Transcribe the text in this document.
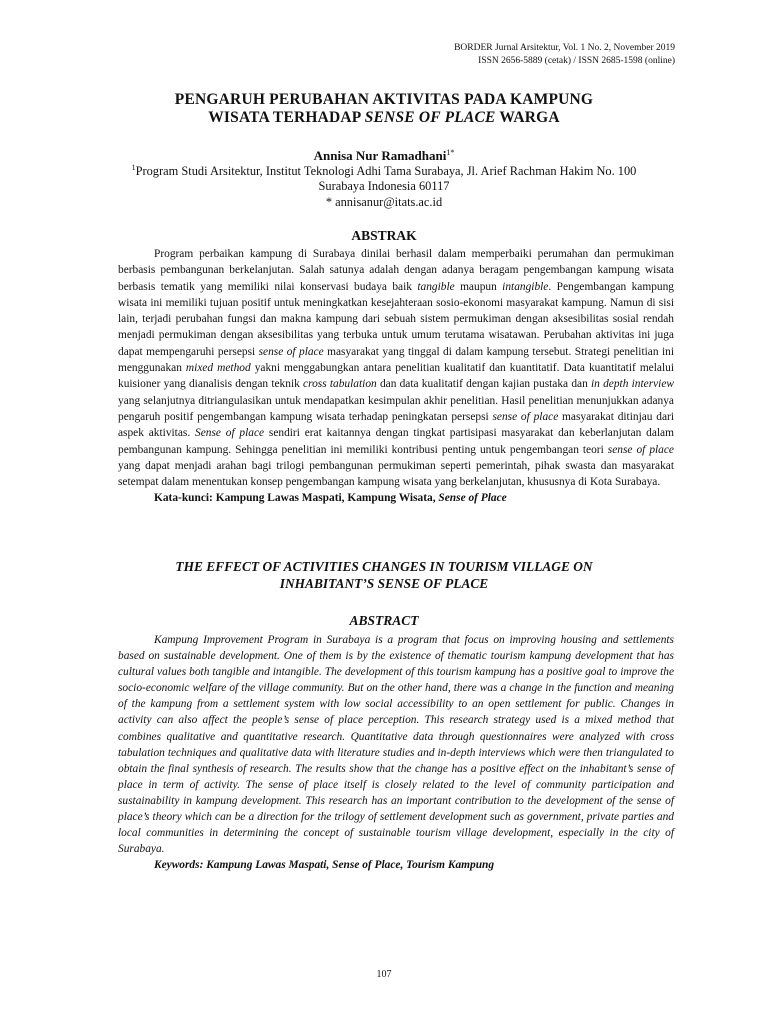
BORDER Jurnal Arsitektur, Vol. 1 No. 2, November 2019
ISSN 2656-5889 (cetak) / ISSN 2685-1598 (online)
PENGARUH PERUBAHAN AKTIVITAS PADA KAMPUNG
WISATA TERHADAP SENSE OF PLACE WARGA
Annisa Nur Ramadhani$^{1*}$
$^1$Program Studi Arsitektur, Institut Teknologi Adhi Tama Surabaya, Jl. Arief Rachman Hakim No. 100
Surabaya Indonesia 60117
* annisanur@itats.ac.id
ABSTRAK

Program perbaikan kampung di Surabaya dinilai berhasil dalam memperbaiki perumahan dan permukiman berbasis pembangunan berkelanjutan. Salah satunya adalah dengan adanya beragam pengembangan kampung wisata berbasis tematik yang memiliki nilai konservasi budaya baik tangible maupun intangible. Pengembangan kampung wisata ini memiliki tujuan positif untuk meningkatkan kesejahteraan sosio-ekonomi masyarakat kampung. Namun di sisi lain, terjadi perubahan fungsi dan makna kampung dari sebuah sistem permukiman dengan aksesibilitas sosial rendah menjadi permukiman dengan aksesibilitas yang terbuka untuk umum terutama wisatawan. Perubahan aktivitas ini juga dapat mempengaruhi persepsi sense of place masyarakat yang tinggal di dalam kampung tersebut. Strategi penelitian ini menggunakan mixed method yakni menggabungkan antara penelitian kualitatif dan kuantitatif. Data kuantitatif melalui kuisioner yang dianalisis dengan teknik cross tabulation dan data kualitatif dengan kajian pustaka dan in depth interview yang selanjutnya ditriangulasikan untuk mendapatkan kesimpulan akhir penelitian. Hasil penelitian menunjukkan adanya pengaruh positif pengembangan kampung wisata terhadap peningkatan persepsi sense of place masyarakat ditinjau dari aspek aktivitas. Sense of place sendiri erat kaitannya dengan tingkat partisipasi masyarakat dan keberlanjutan dalam pembangunan kampung. Sehingga penelitian ini memiliki kontribusi penting untuk pengembangan teori sense of place yang dapat menjadi arahan bagi trilogi pembangunan permukiman seperti pemerintah, pihak swasta dan masyarakat setempat dalam menentukan konsep pengembangan kampung wisata yang berkelanjutan, khususnya di Kota Surabaya.

Kata-kunci: Kampung Lawas Maspati, Kampung Wisata, Sense of Place

THE EFFECT OF ACTIVITIES CHANGES IN TOURISM VILLAGE ON
INHABITANT’S SENSE OF PLACE
ABSTRACT

Kampung Improvement Program in Surabaya is a program that focus on improving housing and settlements based on sustainable development. One of them is by the existence of thematic tourism kampung development that has cultural values both tangible and intangible. The development of this tourism kampung has a positive goal to improve the socio-economic welfare of the village community. But on the other hand, there was a change in the function and meaning of the kampung from a settlement system with low social accessibility to an open settlement for public. Changes in activity can also affect the people’s sense of place perception. This research strategy used is a mixed method that combines qualitative and quantitative research. Quantitative data through questionnaires were analyzed with cross tabulation techniques and qualitative data with literature studies and in-depth interviews which were then triangulated to obtain the final synthesis of research. The results show that the change has a positive effect on the inhabitant’s sense of place in term of activity. The sense of place itself is closely related to the level of community participation and sustainability in kampung development. This research has an important contribution to the development of the sense of place’s theory which can be a direction for the trilogy of settlement development such as government, private parties and local communities in determining the concept of sustainable tourism village development, especially in the city of Surabaya.

Keywords: Kampung Lawas Maspati, Sense of Place, Tourism Kampung

107
